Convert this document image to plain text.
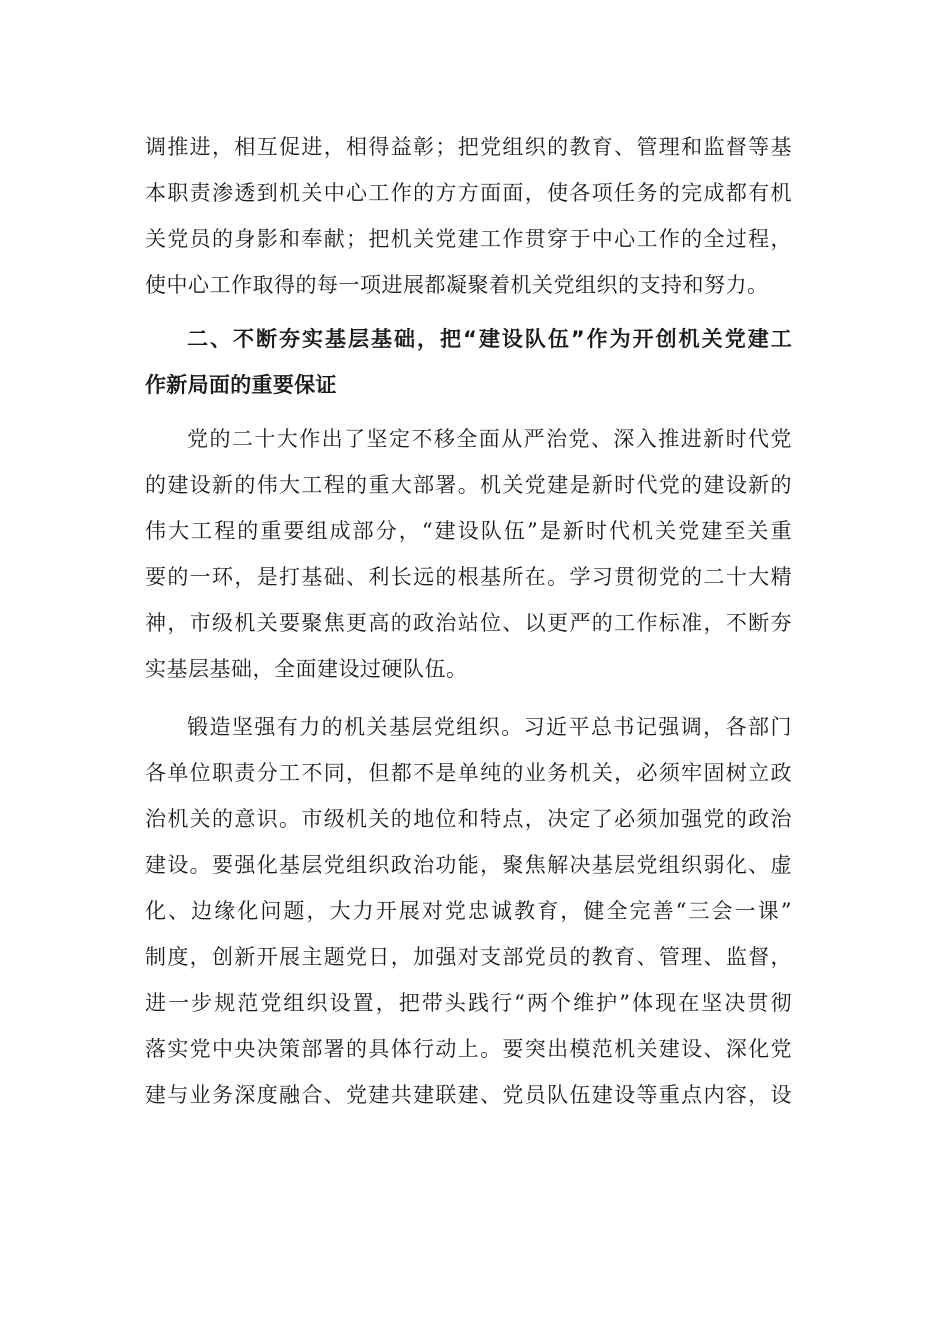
调推进，相互促进，相得益彰；把党组织的教育、管理和监督等基
本职责渗透到机关中心工作的方方面面，使各项任务的完成都有机
关党员的身影和奉献；把机关党建工作贯穿于中心工作的全过程，
使中心工作取得的每一项进展都凝聚着机关党组织的支持和努力。
二、不断夯实基层基础，把“建设队伍”作为开创机关党建工
作新局面的重要保证
党的二十大作出了坚定不移全面从严治党、深入推进新时代党
的建设新的伟大工程的重大部署。机关党建是新时代党的建设新的
伟大工程的重要组成部分，“建设队伍”是新时代机关党建至关重
要的一环，是打基础、利长远的根基所在。学习贯彻党的二十大精
神，市级机关要聚焦更高的政治站位、以更严的工作标准，不断夯
实基层基础，全面建设过硬队伍。
锻造坚强有力的机关基层党组织。习近平总书记强调，各部门
各单位职责分工不同，但都不是单纯的业务机关，必须牢固树立政
治机关的意识。市级机关的地位和特点，决定了必须加强党的政治
建设。要强化基层党组织政治功能，聚焦解决基层党组织弱化、虚
化、边缘化问题，大力开展对党忠诚教育，健全完善“三会一课”
制度，创新开展主题党日，加强对支部党员的教育、管理、监督，
进一步规范党组织设置，把带头践行“两个维护”体现在坚决贯彻
落实党中央决策部署的具体行动上。要突出模范机关建设、深化党
建与业务深度融合、党建共建联建、党员队伍建设等重点内容，设
